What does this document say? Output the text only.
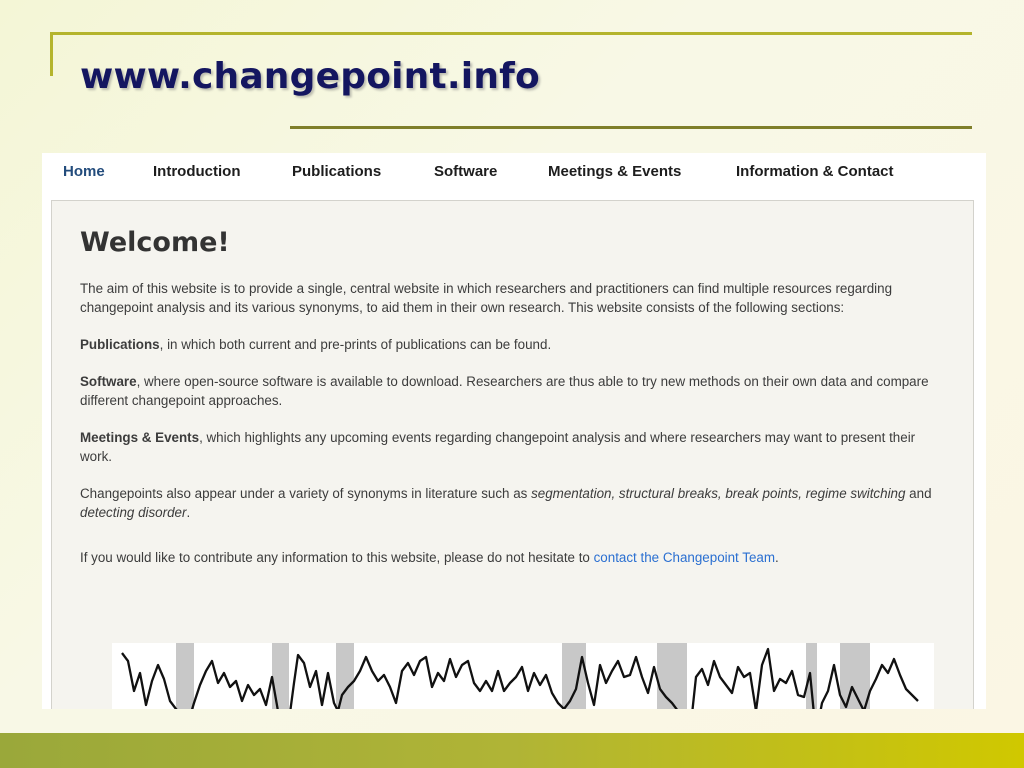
www.changepoint.info
Home	Introduction	Publications	Software	Meetings & Events	Information & Contact
Welcome!

The aim of this website is to provide a single, central website in which researchers and practitioners can find multiple resources regarding changepoint analysis and its various synonyms, to aid them in their own research. This website consists of the following sections:

Publications, in which both current and pre-prints of publications can be found.

Software, where open-source software is available to download. Researchers are thus able to try new methods on their own data and compare different changepoint approaches.

Meetings & Events, which highlights any upcoming events regarding changepoint analysis and where researchers may want to present their work.

Changepoints also appear under a variety of synonyms in literature such as segmentation, structural breaks, break points, regime switching and detecting disorder.

If you would like to contribute any information to this website, please do not hesitate to contact the Changepoint Team.
